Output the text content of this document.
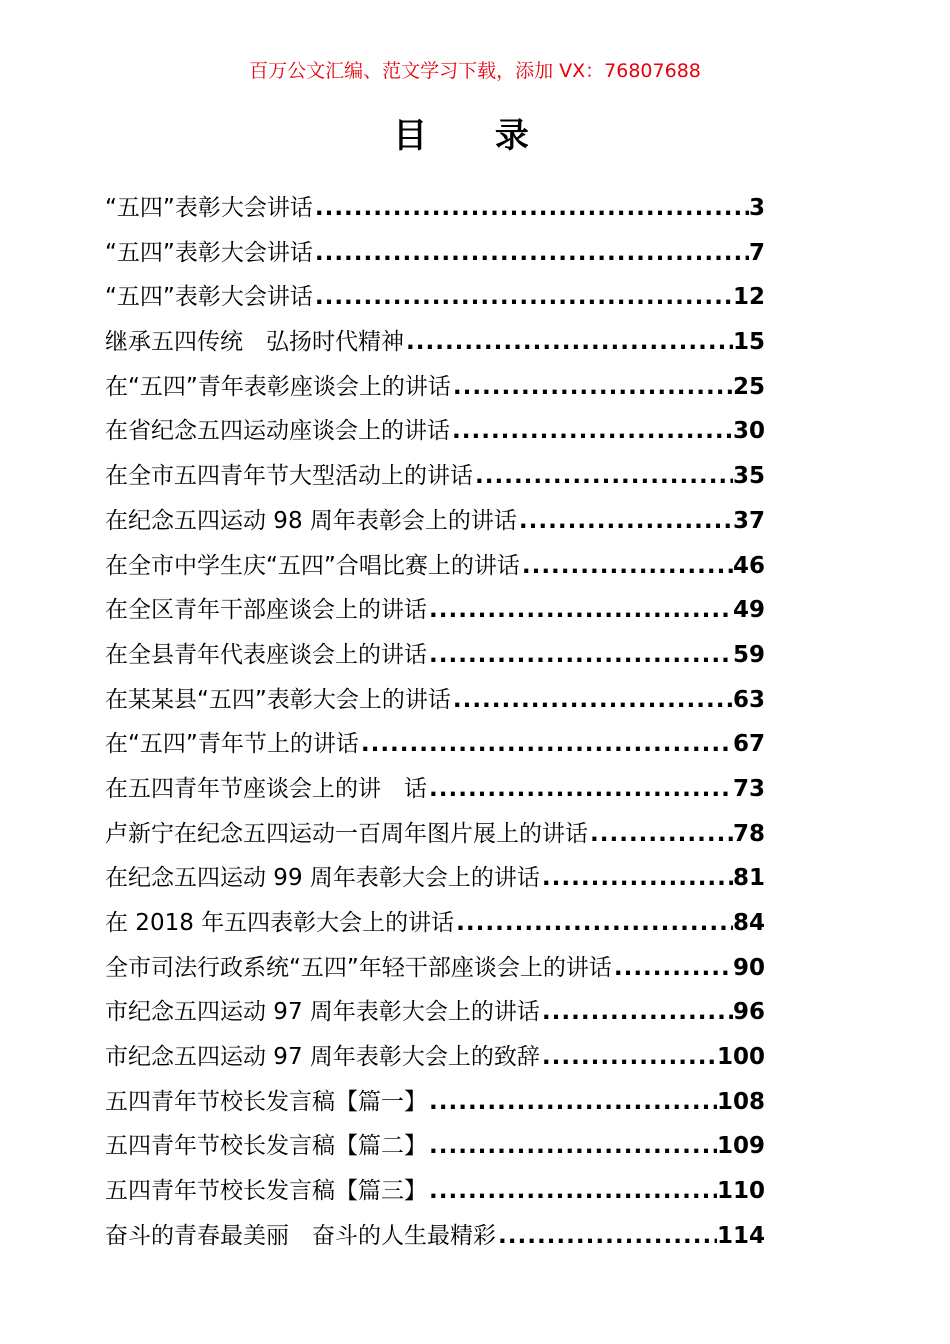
百万公文汇编、范文学习下载，添加 VX：76807688
目 录
“五四”表彰大会讲话 .....	3
“五四”表彰大会讲话 .....	7
“五四”表彰大会讲话 .....	12
继承五四传统　弘扬时代精神 .....	15
在“五四”青年表彰座谈会上的讲话 .....	25
在省纪念五四运动座谈会上的讲话 .....	30
在全市五四青年节大型活动上的讲话 .....	35
在纪念五四运动 98 周年表彰会上的讲话 .....	37
在全市中学生庆“五四”合唱比赛上的讲话 .....	46
在全区青年干部座谈会上的讲话 .....	49
在全县青年代表座谈会上的讲话 .....	59
在某某县“五四”表彰大会上的讲话 .....	63
在“五四”青年节上的讲话 .....	67
在五四青年节座谈会上的讲　话 .....	73
卢新宁在纪念五四运动一百周年图片展上的讲话 .....	78
在纪念五四运动 99 周年表彰大会上的讲话 .....	81
在 2018 年五四表彰大会上的讲话 .....	84
全市司法行政系统“五四”年轻干部座谈会上的讲话 .....	90
市纪念五四运动 97 周年表彰大会上的讲话 .....	96
市纪念五四运动 97 周年表彰大会上的致辞 .....	100
五四青年节校长发言稿【篇一】 .....	108
五四青年节校长发言稿【篇二】 .....	109
五四青年节校长发言稿【篇三】 .....	110
奋斗的青春最美丽　奋斗的人生最精彩 .....	114
